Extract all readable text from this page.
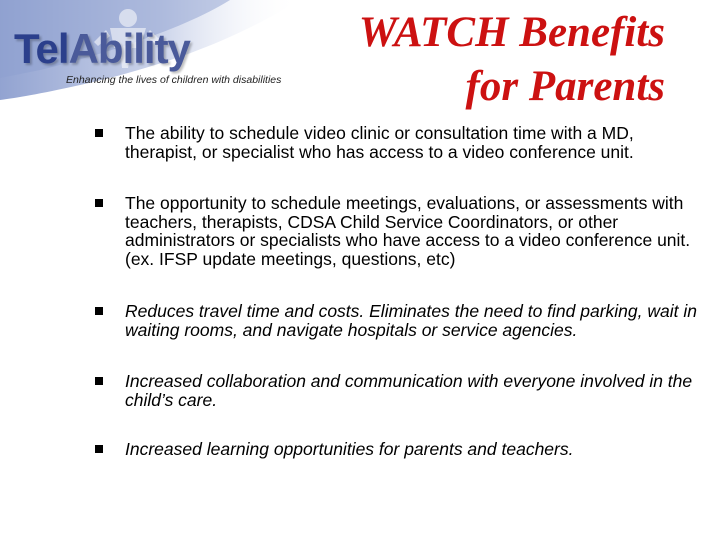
TelAbility
Enhancing the lives of children with disabilities
WATCH Benefits
for Parents
The ability to schedule video clinic or consultation time with a MD, therapist, or specialist who has access to a video conference unit.
The opportunity to schedule meetings, evaluations, or assessments with teachers, therapists, CDSA Child Service Coordinators, or other administrators or specialists who have access to a video conference unit. (ex. IFSP update meetings, questions, etc)
Reduces travel time and costs. Eliminates the need to find parking, wait in waiting rooms, and navigate hospitals or service agencies.
Increased collaboration and communication with everyone involved in the child’s care.
Increased learning opportunities for parents and teachers.
